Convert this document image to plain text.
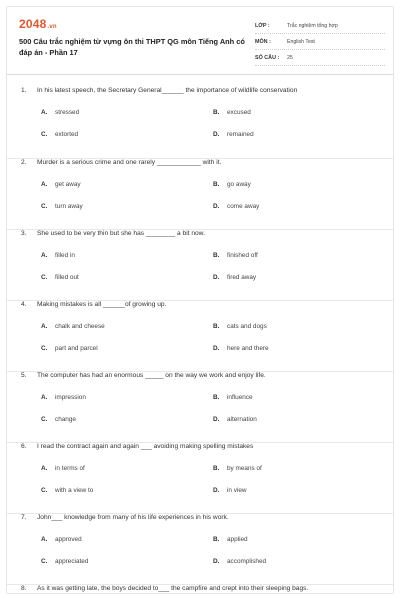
2048.vn
500 Câu trắc nghiệm từ vựng ôn thi THPT QG môn Tiếng Anh có đáp án - Phần 17
LỚP :	Trắc nghiệm tổng hợp
MÔN :	English Test
SỐ CÂU : 25
1. In his latest speech, the Secretary General______ the importance of wildlife conservation
A. stressed	B. excused
C. extorted	D. remained
2. Murder is a serious crime and one rarely ____________ with it.
A. get away	B. go away
C. turn away	D. come away
3. She used to be very thin but she has ________ a bit now.
A. filled in	B. finished off
C. filled out	D. fired away
4. Making mistakes is all ______of growing up.
A. chalk and cheese	B. cats and dogs
C. part and parcel	D. here and there
5. The computer has had an enormous _____ on the way we work and enjoy life.
A. impression	B. influence
C. change	D. alternation
6. I read the contract again and again ___ avoiding making spelling mistakes
A. in terms of	B. by means of
C. with a view to	D. in view
7. John___ knowledge from many of his life experiences in his work.
A. approved	B. applied
C. appreciated	D. accomplished
8. As it was getting late, the boys decided to___ the campfire and crept into their sleeping bags.
